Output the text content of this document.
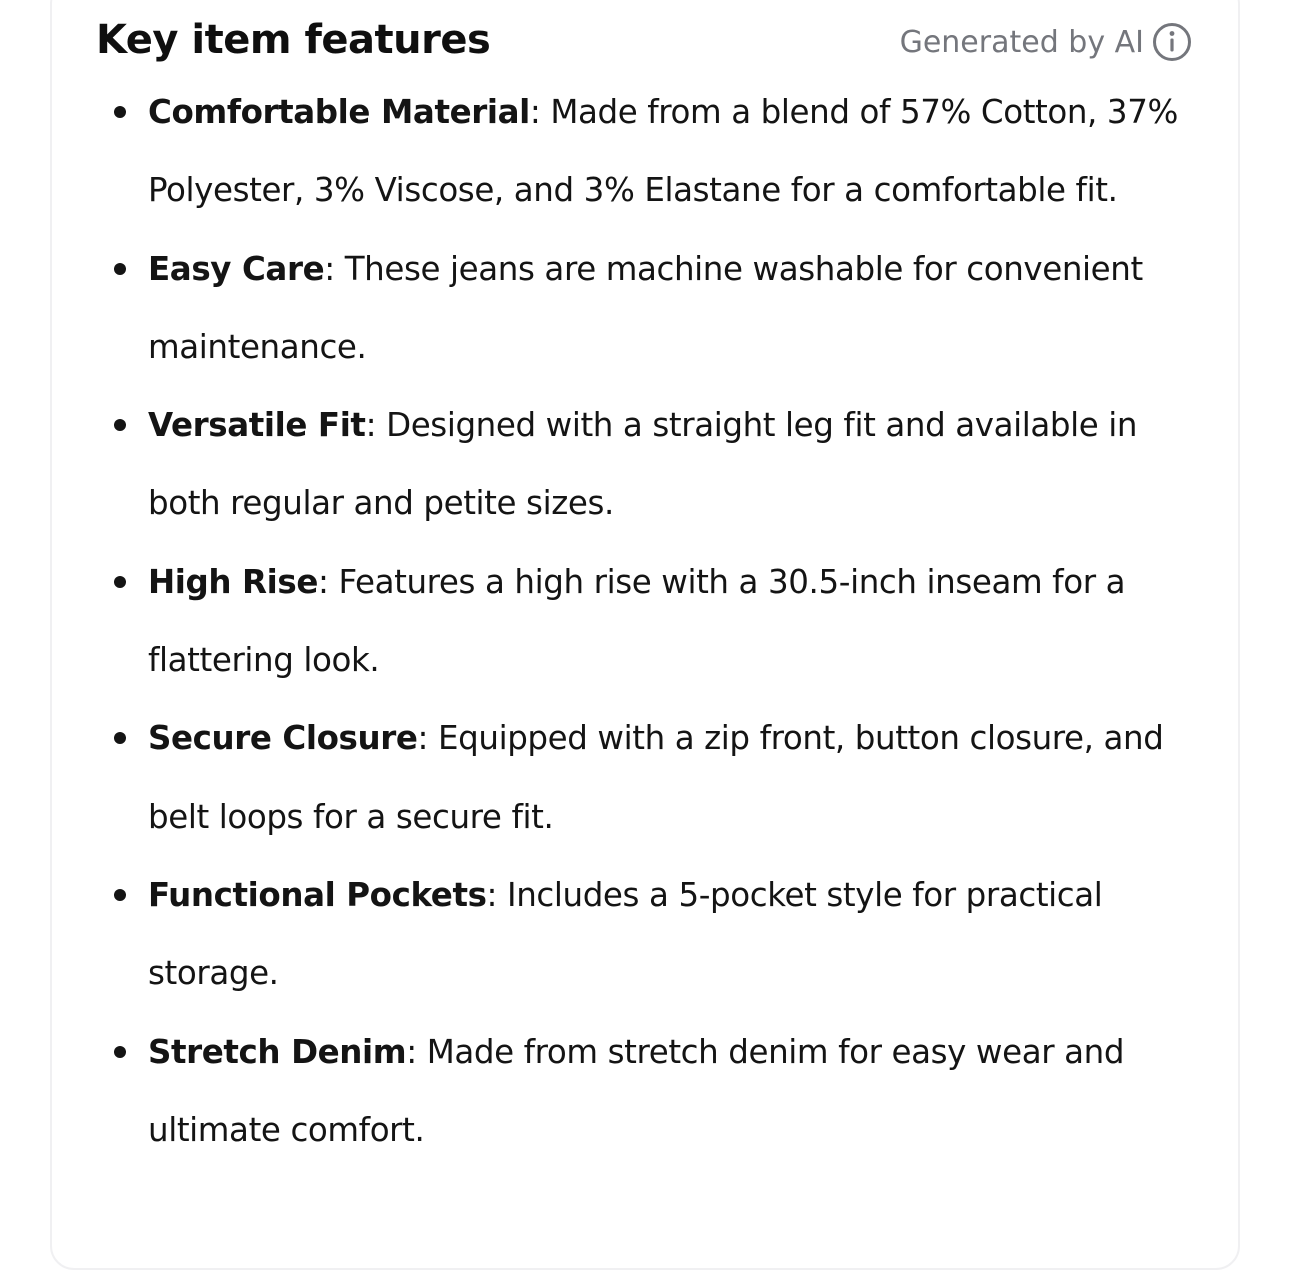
Key item features	Generated by AI
Comfortable Material: Made from a blend of 57% Cotton, 37% Polyester, 3% Viscose, and 3% Elastane for a comfortable fit.
Easy Care: These jeans are machine washable for convenient maintenance.
Versatile Fit: Designed with a straight leg fit and available in both regular and petite sizes.
High Rise: Features a high rise with a 30.5-inch inseam for a flattering look.
Secure Closure: Equipped with a zip front, button closure, and belt loops for a secure fit.
Functional Pockets: Includes a 5-pocket style for practical storage.
Stretch Denim: Made from stretch denim for easy wear and ultimate comfort.
